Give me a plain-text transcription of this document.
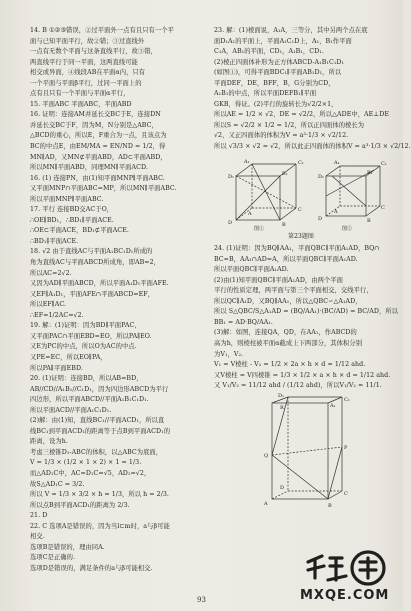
14. B ①②③错误，②过平面外一点有且只有一个平

面与已知平面平行，故②错；③过直线外

一点有无数个平面与这条直线平行，故③错，

两直线平行于同一平面，这两直线可能

相交或异面，④线段AB在平面α内，只有

一个平面与平面β平行，过同一平面上的

点有且只有一个平面与平面α平行，

15. 平面ABC 平面ABC，平面ABD

16. 证明：连接AM并延长交BC于E，连接DN

并延长交BC于F，因为M，N分别是△ABC，

△BCD的重心，所以E，F重合为一点，且该点为

BC的中点E，由EM/MA = EN/ND = 1/2，得

MN∥AD，又MN⊄平面ABD，AD⊂平面ABD，

所以MN∥平面ABD，同理MN∥平面ACD.

16. (1) 连接PN，由(1)知平面MNP∥平面ABC.

又平面MNP∩平面ABC=MP，所以MN∥平面ABC.

所以平面MNP∥平面ABC.

17. 平行 连接BD交AC于O，

∴OE∥BD₁，∴BD₁∥平面ACE.

∴OE⊂平面ACE，BD₁⊄平面ACE.

∴BD₁∥平面ACE.

18. √2 由于直线AC与平面A₁BC₁D₁所成的

角为直线AC与平面ABCD所成角，即AB=2，

所以AC=2√2.

又因为AD∥平面ABCD，所以平面A₁D₁平面AFE.

又EF∥A₁D₁，平面AFE∩平面ABCD=EF，

所以EF∥AC.

∴EF=1/2AC=√2.

19. 解：(1)证明：因为BD∥平面PAC，

又平面PAC∩平面EBD=EO，所以PA∥EO.

又E为PC的中点，所以O为AC的中点.

又PE=EC，所以EO∥PA，

所以PA∥平面EBD.

20. (1)证明：连接BD，所以AB=BD，

AB//CD//A₁B₁//C₁D₁，因为四边形ABCD为平行

四边形，所以平面ABCD//平面A₁B₁C₁D₁.

所以平面ACD//平面A₁C₁D₁.

(2)解：由(1)知，直线BC₁//平面ACD₁，所以直

线BC₁到平面ACD₁的距离等于点B到平面ACD₁的

距离，设为h.

考虑三棱锥D₁-ABC的体积，以△ABC为底面，

V = 1/3 × (1/2 × 1 × 2) × 1 = 1/3.

而△AD₁C中，AC=D₁C=√5，AD₁=√2，

故S△AD₁C = 3/2.

所以 V = 1/3 × 3/2 × h = 1/3，所以 h = 2/3.

所以点B到平面ACD₁的距离为 2/3.

21. D

22. C 选项A是错误的，因为当l⊂m时，a与β可能

相交.

选项B是错误的，理由同A.

选项C是正确的.

选项D是错误的，满足条件的a与β可能相交.

23. 解：(1)棱面说，A₁A，三等分，其中另两个点在底

面D₁A₁的平面上，平面A₁C₁D上，A₁，B₁作平面

C₁A，AB₁的平面，CD₁，A₁B₁，CD₁.

(2)棱正四面体补形为正方体ABCD-A₁B₁C₁D₁

(如图①)，可得平面BDC₁∥平面AB₁D₁，所以

平面DEF，DE，BFF，B，G分别为CD，

A₁B₁的中点，所以平面DEFB₁∥平面

GKB，得证。(2)平行的旋转长为√2/2×1，

所以AE = 1/2 × √2，DE = √2/2，所以△ADE中，AE⊥DE

所以S = √2/2 × 1/2 = 1/2，所以正四面体的棱长为

√2，又正四面体的体积为V = a³·1/3 × √2/12.

所以 √3/3 × √2 = √2，所以此正四面体的体积V = a³·1/3 × √2/12.

D₁
C₁
A₁
B₁
D
C
A
B
图①
D₁
C₁
A₁
B₁
D
C
A
B
图②
第23题图

24. (1)证明：因为BQ∥AA₁，平面QBC∥平面A₁AD，BQ∩

BC=B，AA₁∩AD=A，所以平面QBC∥平面A₁AD.

所以平面QBC∥平面A₁AD.

(2)由(1)知平面QBC∥平面A₁AD，由两个平面

平行的性质定理，两平面与第三个平面相交，交线平行，

所以QC∥A₁D，又BQ∥AA₁，所以△QBC∽△A₁AD，

所以 S△QBC/S△A₁AD = (BQ/AA₁)·(BC/AD) = BC/AD，所以

BB₁ = AD·BQ/AA₁.

(3)解：如图，连接QA，QD，在AA₁，作ABCD的

高为h，则棱柱被平面α截成上下两部分，其体积分别

为V₁，V₂.

V₁ = V棱柱 - V₂ = 1/2 × 2a × h × d = 1/12 ahd.

又V棱柱 = V四棱锥 = 1/3 × 1/2 × a × h × d = 1/12 ahd.

又 V₁/V₂ = 11/12 ahd / (1/12 ahd)，所以V₁/V₂ = 11/1.

R
C₁
D₁
A₁
Q
P
C
D
A	B
MXQE.COM
93
